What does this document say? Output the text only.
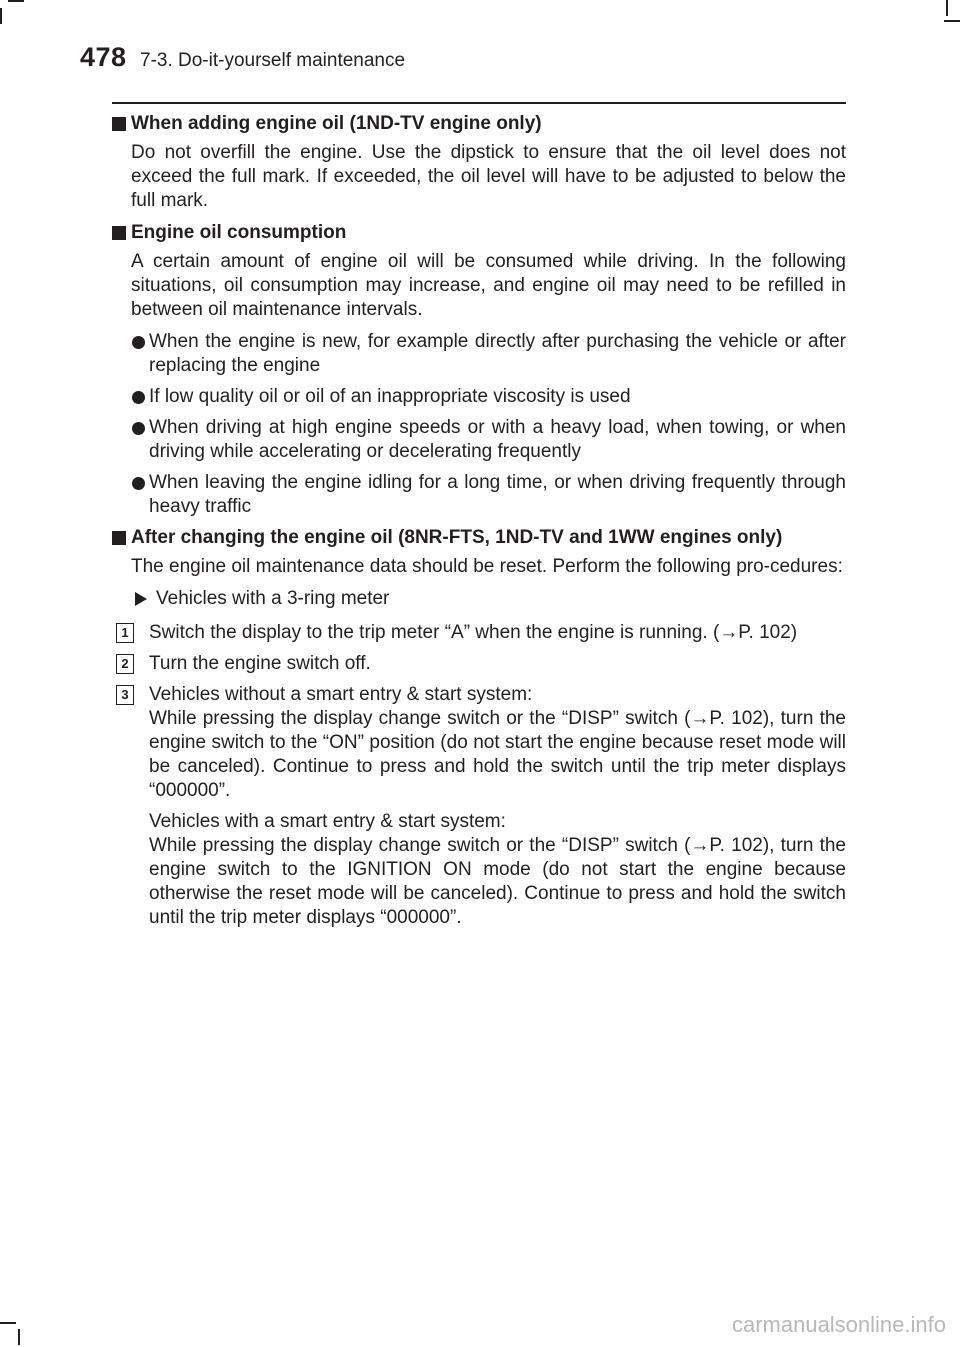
478 7-3. Do-it-yourself maintenance
When adding engine oil (1ND-TV engine only)
Do not overfill the engine. Use the dipstick to ensure that the oil level does not exceed the full mark. If exceeded, the oil level will have to be adjusted to below the full mark.
Engine oil consumption
A certain amount of engine oil will be consumed while driving. In the following situations, oil consumption may increase, and engine oil may need to be refilled in between oil maintenance intervals.
When the engine is new, for example directly after purchasing the vehicle or after replacing the engine
If low quality oil or oil of an inappropriate viscosity is used
When driving at high engine speeds or with a heavy load, when towing, or when driving while accelerating or decelerating frequently
When leaving the engine idling for a long time, or when driving frequently through heavy traffic
After changing the engine oil (8NR-FTS, 1ND-TV and 1WW engines only)
The engine oil maintenance data should be reset. Perform the following pro-cedures:
Vehicles with a 3-ring meter
1 Switch the display to the trip meter “A” when the engine is running. (→P. 102)
2 Turn the engine switch off.
3 Vehicles without a smart entry & start system:
While pressing the display change switch or the “DISP” switch (→P. 102), turn the engine switch to the “ON” position (do not start the engine because reset mode will be canceled). Continue to press and hold the switch until the trip meter displays “000000”.
Vehicles with a smart entry & start system:
While pressing the display change switch or the “DISP” switch (→P. 102), turn the engine switch to the IGNITION ON mode (do not start the engine because otherwise the reset mode will be canceled). Continue to press and hold the switch until the trip meter displays “000000”.
carmanualsonline.info
